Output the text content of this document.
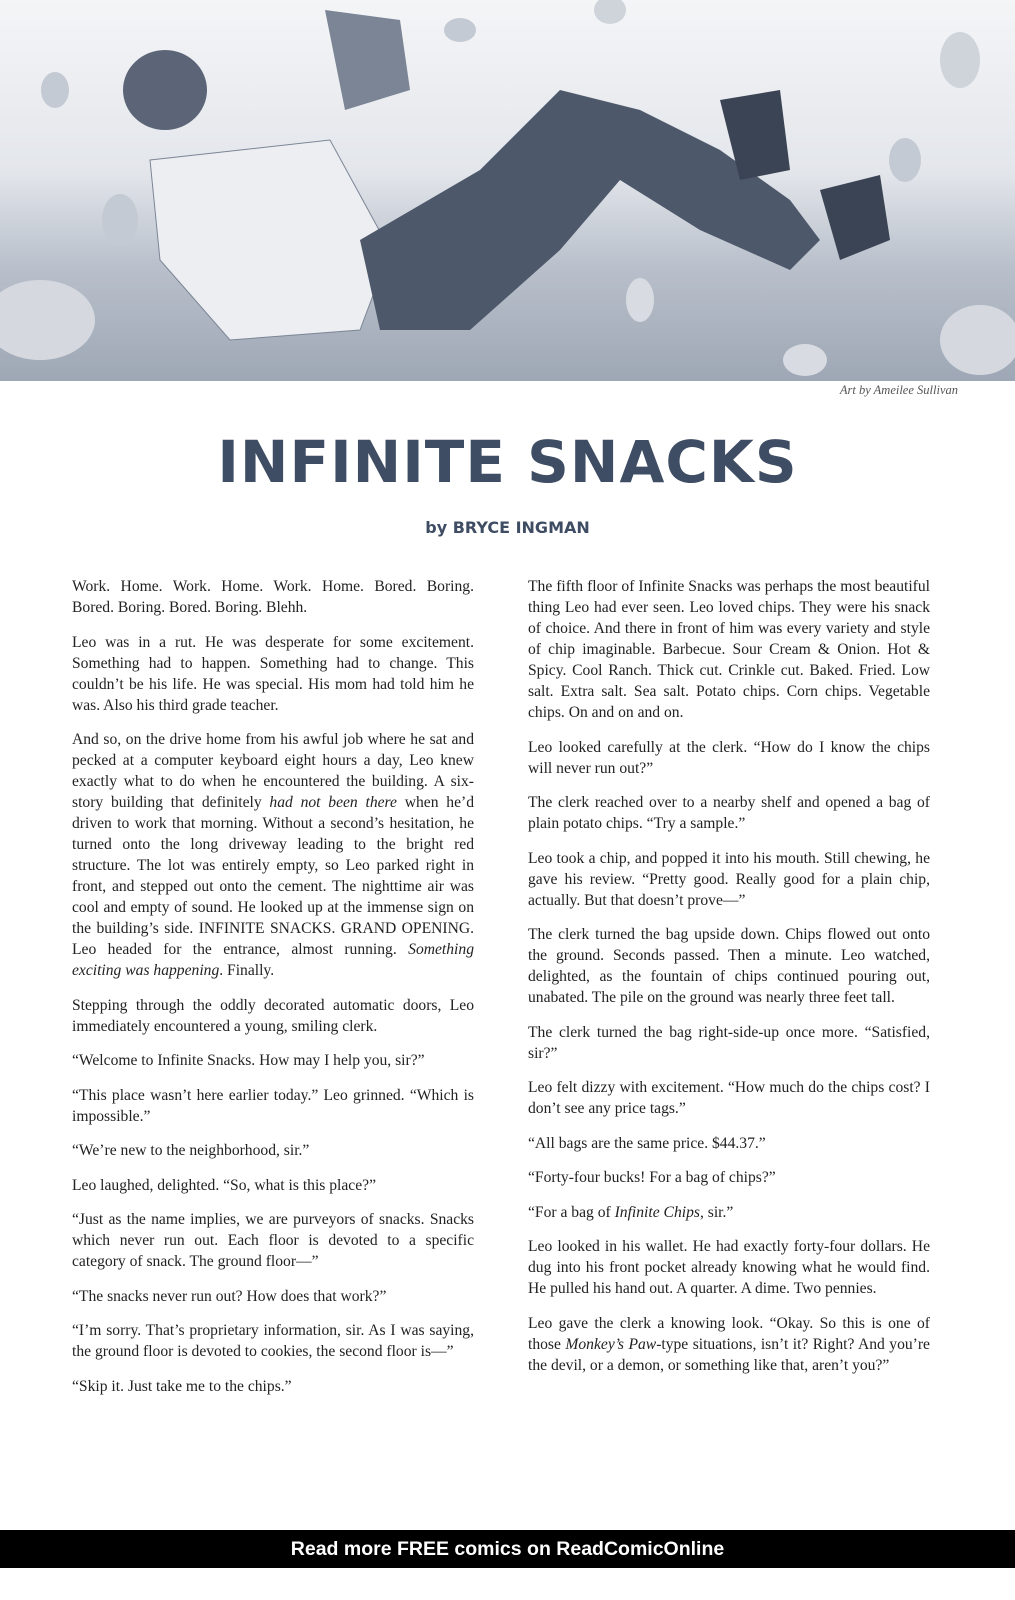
Art by Ameilee Sullivan
INFINITE SNACKS
by BRYCE INGMAN

Work. Home. Work. Home. Work. Home. Bored. Boring. Bored. Boring. Bored. Boring. Blehh.

Leo was in a rut. He was desperate for some excitement. Something had to happen. Something had to change. This couldn’t be his life. He was special. His mom had told him he was. Also his third grade teacher.

And so, on the drive home from his awful job where he sat and pecked at a computer keyboard eight hours a day, Leo knew exactly what to do when he encountered the building. A six-story building that definitely had not been there when he’d driven to work that morning. Without a second’s hesitation, he turned onto the long driveway leading to the bright red structure. The lot was entirely empty, so Leo parked right in front, and stepped out onto the cement. The nighttime air was cool and empty of sound. He looked up at the immense sign on the building’s side. INFINITE SNACKS. GRAND OPENING. Leo headed for the entrance, almost running. Something exciting was happening. Finally.

Stepping through the oddly decorated automatic doors, Leo immediately encountered a young, smiling clerk.

“Welcome to Infinite Snacks. How may I help you, sir?”

“This place wasn’t here earlier today.” Leo grinned. “Which is impossible.”

“We’re new to the neighborhood, sir.”

Leo laughed, delighted. “So, what is this place?”

“Just as the name implies, we are purveyors of snacks. Snacks which never run out. Each floor is devoted to a specific category of snack. The ground floor—”

“The snacks never run out? How does that work?”

“I’m sorry. That’s proprietary information, sir. As I was saying, the ground floor is devoted to cookies, the second floor is—”

“Skip it. Just take me to the chips.”

The fifth floor of Infinite Snacks was perhaps the most beautiful thing Leo had ever seen. Leo loved chips. They were his snack of choice. And there in front of him was every variety and style of chip imaginable. Barbecue. Sour Cream & Onion. Hot & Spicy. Cool Ranch. Thick cut. Crinkle cut. Baked. Fried. Low salt. Extra salt. Sea salt. Potato chips. Corn chips. Vegetable chips. On and on and on.

Leo looked carefully at the clerk. “How do I know the chips will never run out?”

The clerk reached over to a nearby shelf and opened a bag of plain potato chips. “Try a sample.”

Leo took a chip, and popped it into his mouth. Still chewing, he gave his review. “Pretty good. Really good for a plain chip, actually. But that doesn’t prove—”

The clerk turned the bag upside down. Chips flowed out onto the ground. Seconds passed. Then a minute. Leo watched, delighted, as the fountain of chips continued pouring out, unabated. The pile on the ground was nearly three feet tall.

The clerk turned the bag right-side-up once more. “Satisfied, sir?”

Leo felt dizzy with excitement. “How much do the chips cost? I don’t see any price tags.”

“All bags are the same price. $44.37.”

“Forty-four bucks! For a bag of chips?”

“For a bag of Infinite Chips, sir.”

Leo looked in his wallet. He had exactly forty-four dollars. He dug into his front pocket already knowing what he would find. He pulled his hand out. A quarter. A dime. Two pennies.

Leo gave the clerk a knowing look. “Okay. So this is one of those Monkey’s Paw-type situations, isn’t it? Right? And you’re the devil, or a demon, or something like that, aren’t you?”

Read more FREE comics on ReadComicOnline
